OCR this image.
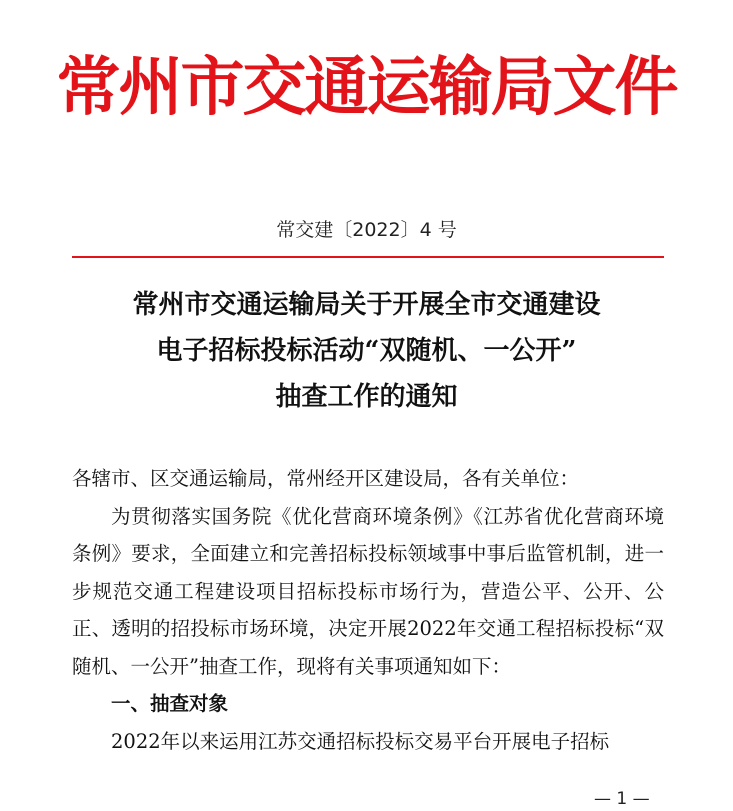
常州市交通运输局文件
常交建〔2022〕4 号
常州市交通运输局关于开展全市交通建设
电子招标投标活动“双随机、一公开”
抽查工作的通知

各辖市、区交通运输局，常州经开区建设局，各有关单位：

为贯彻落实国务院《优化营商环境条例》《江苏省优化营商环境条例》要求，全面建立和完善招标投标领域事中事后监管机制，进一步规范交通工程建设项目招标投标市场行为，营造公平、公开、公正、透明的招投标市场环境，决定开展2022年交通工程招标投标“双随机、一公开”抽查工作，现将有关事项通知如下：

一、抽查对象

2022年以来运用江苏交通招标投标交易平台开展电子招标

— 1 —
